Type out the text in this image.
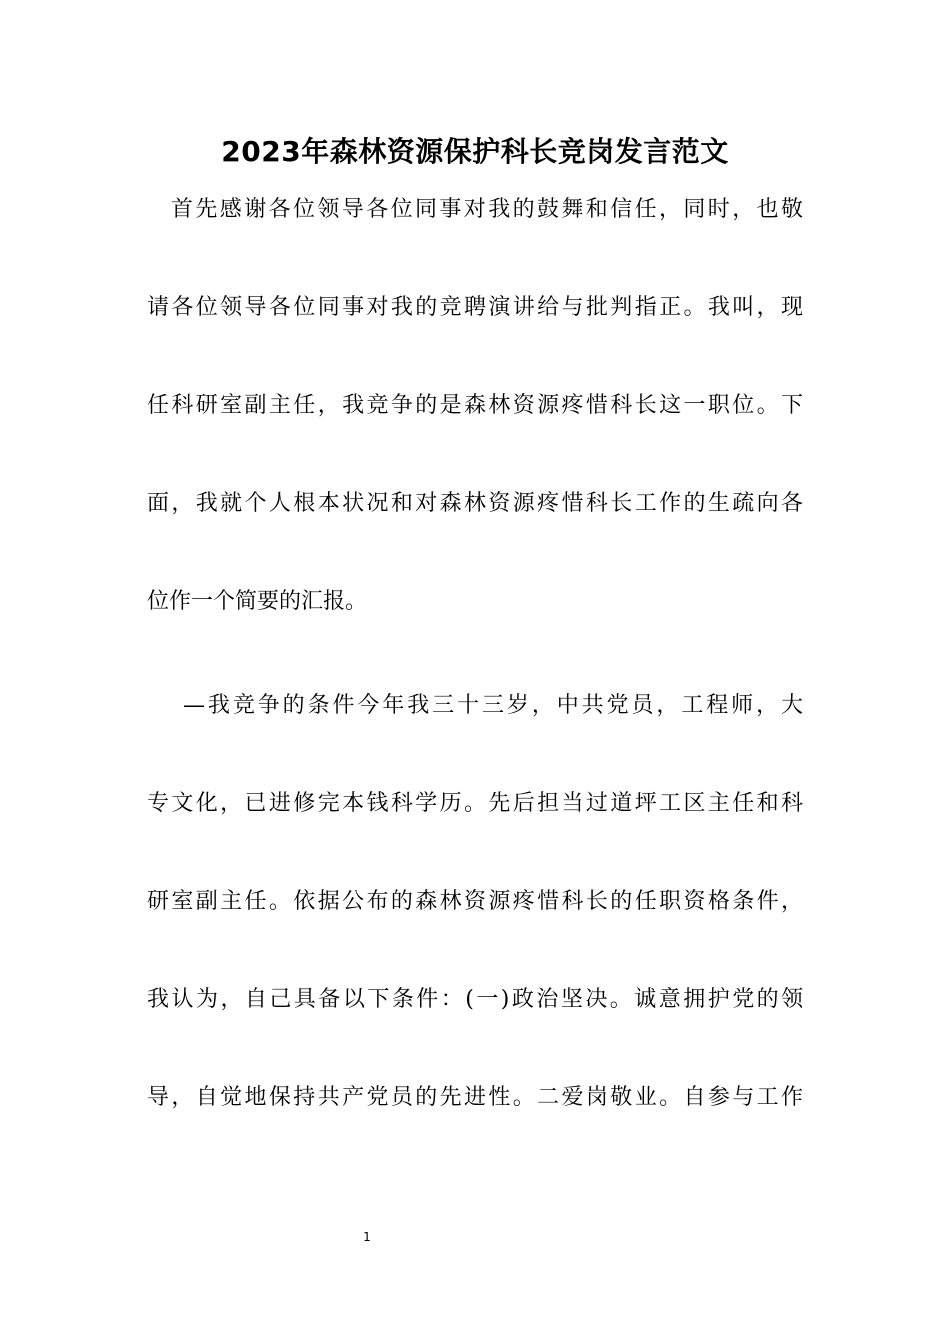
2023年森林资源保护科长竞岗发言范文
首先感谢各位领导各位同事对我的鼓舞和信任，同时，也敬
请各位领导各位同事对我的竞聘演讲给与批判指正。我叫，现
任科研室副主任，我竞争的是森林资源疼惜科长这一职位。下
面，我就个人根本状况和对森林资源疼惜科长工作的生疏向各
位作一个简要的汇报。
—我竞争的条件今年我三十三岁，中共党员，工程师，大
专文化，已进修完本钱科学历。先后担当过道坪工区主任和科
研室副主任。依据公布的森林资源疼惜科长的任职资格条件，
我认为，自己具备以下条件：(一)政治坚决。诚意拥护党的领
导，自觉地保持共产党员的先进性。二爱岗敬业。自参与工作
1
